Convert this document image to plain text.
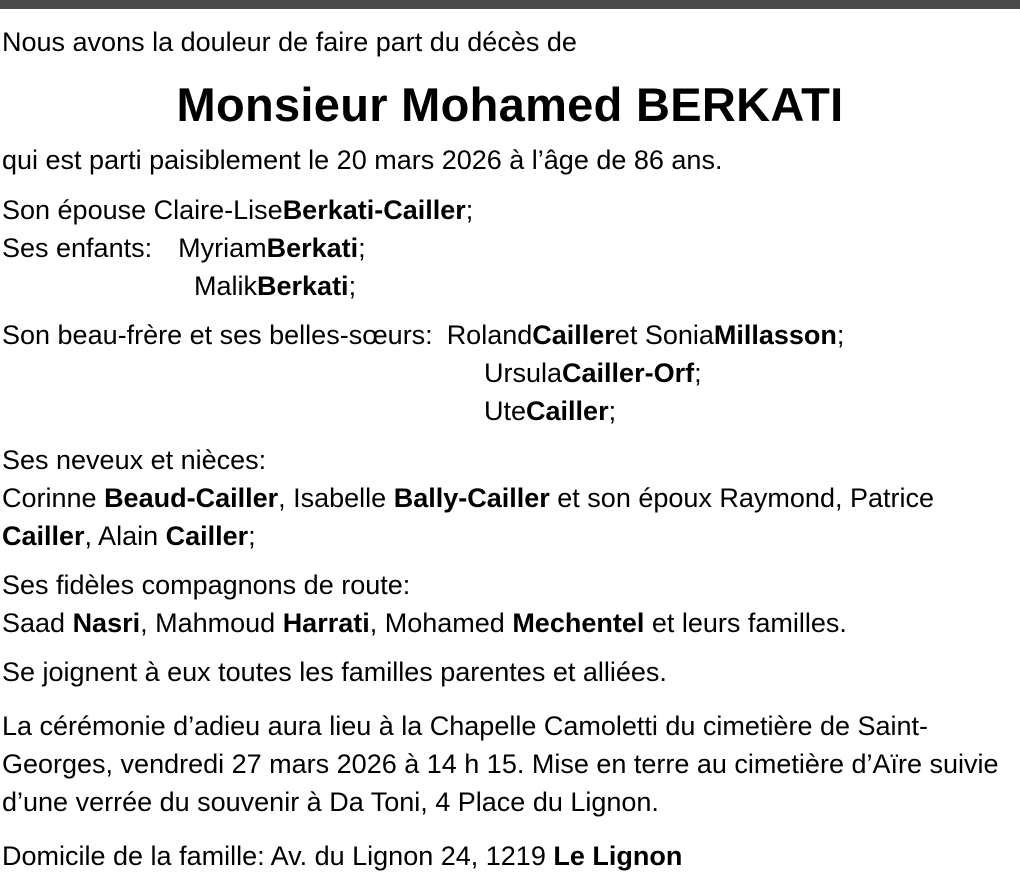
Nous avons la douleur de faire part du décès de
Monsieur Mohamed BERKATI
qui est parti paisiblement le 20 mars 2026 à l’âge de 86 ans.
Son épouse
Claire-Lise Berkati-Cailler ;
Ses enfants: Myriam Berkati ;
Malik Berkati ;
Son beau-frère et ses belles-sœurs: Roland Cailler et Sonia Millasson ;
Ursula Cailler-Orf ;
Ute Cailler ;
Ses neveux et nièces:
Corinne Beaud-Cailler, Isabelle Bally-Cailler et son époux Raymond, Patrice Cailler, Alain Cailler;
Ses fidèles compagnons de route:
Saad Nasri, Mahmoud Harrati, Mohamed Mechentel et leurs familles.
Se joignent à eux toutes les familles parentes et alliées.
La cérémonie d’adieu aura lieu à la Chapelle Camoletti du cimetière de Saint-Georges, vendredi 27 mars 2026 à 14 h 15. Mise en terre au cimetière d’Aïre suivie d’une verrée du souvenir à Da Toni, 4 Place du Lignon.
Domicile de la famille: Av. du Lignon 24, 1219 Le Lignon
